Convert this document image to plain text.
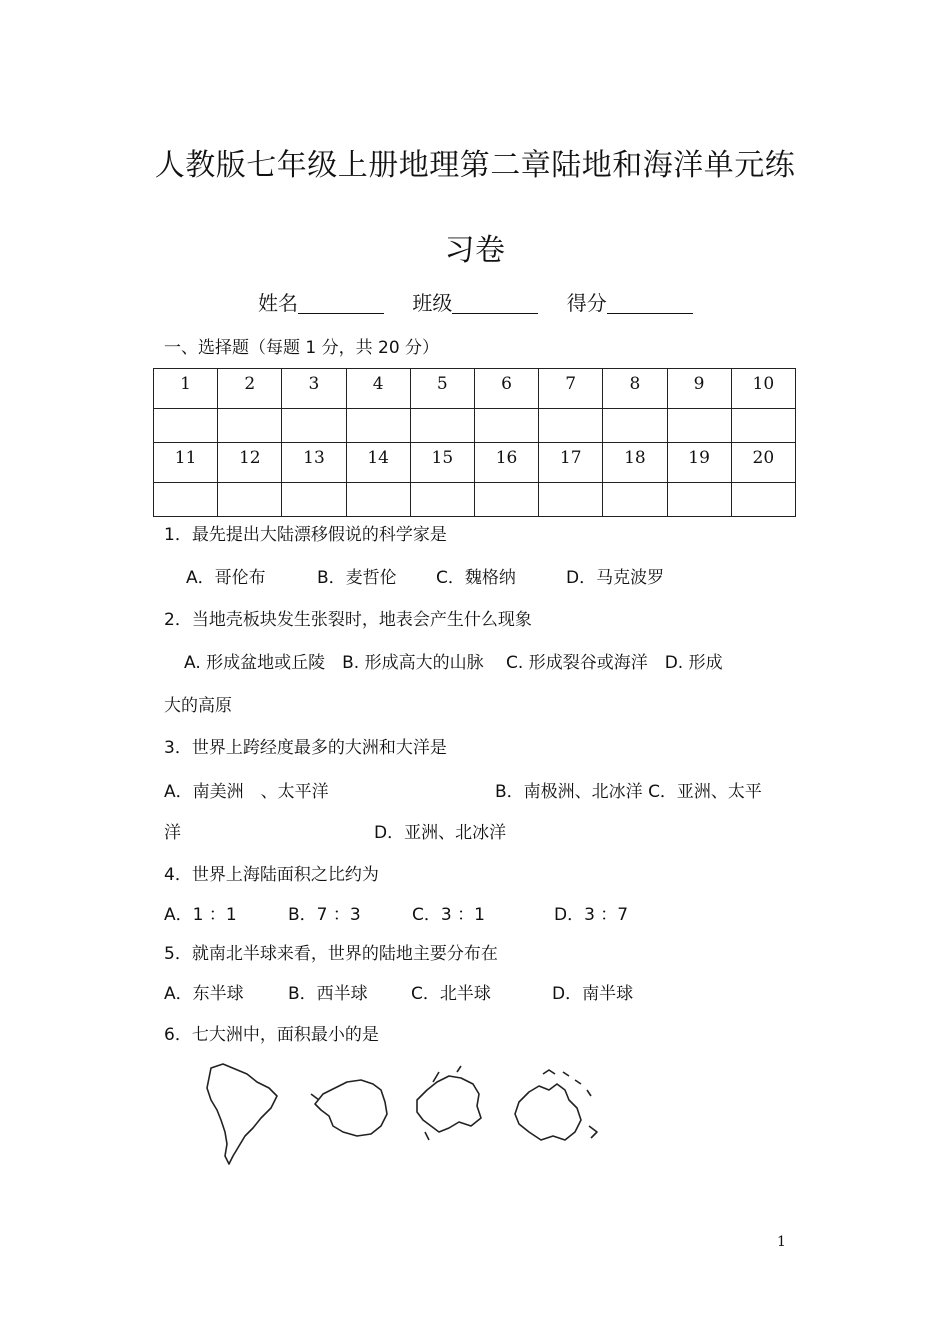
人教版七年级上册地理第二章陆地和海洋单元练
习卷
姓名	班级	得分
一、选择题（每题 1 分，共 20 分）
1	2	3	4	5	6	7	8	9	10

11	12	13	14	15	16	17	18	19	20

1．最先提出大陆漂移假说的科学家是
A．哥伦布	B．麦哲伦 C．魏格纳	D．马克波罗
2．当地壳板块发生张裂时，地表会产生什么现象
A. 形成盆地或丘陵　B. 形成高大的山脉　 C. 形成裂谷或海洋　D. 形成
大的高原
3．世界上跨经度最多的大洲和大洋是
A．南美洲　、太平洋	B．南极洲、北冰洋 C．亚洲、太平
洋	D．亚洲、北冰洋
4．世界上海陆面积之比约为
A．1 ：1	B．7 ：3	C．3 ：1	D．3 ：7
5．就南北半球来看，世界的陆地主要分布在
A．东半球	B．西半球	C．北半球	D．南半球
6．七大洲中，面积最小的是
1
